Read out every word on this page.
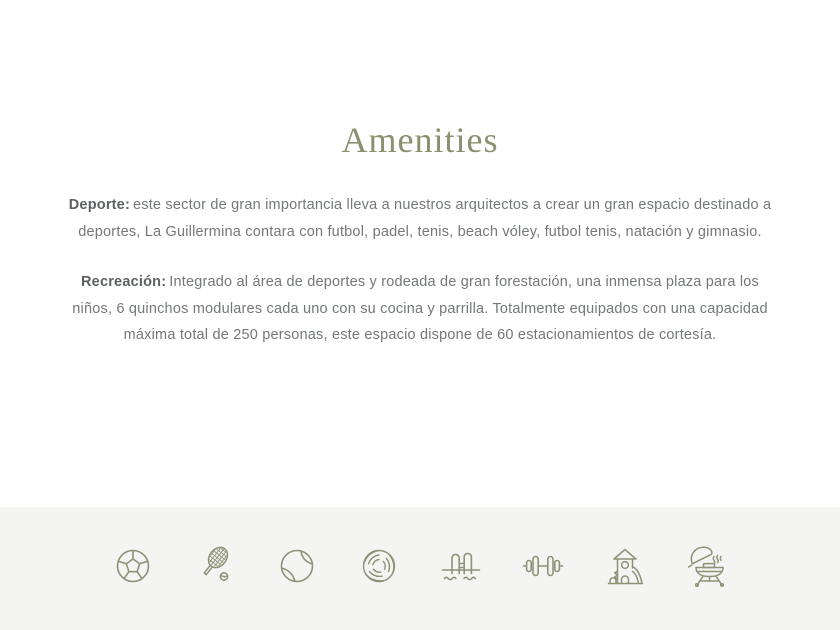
Amenities

Deporte: este sector de gran importancia lleva a nuestros arquitectos a crear un gran espacio destinado a
deportes, La Guillermina contara con futbol, padel, tenis, beach vóley, futbol tenis, natación y gimnasio.

Recreación: Integrado al área de deportes y rodeada de gran forestación, una inmensa plaza para los
niños, 6 quinchos modulares cada uno con su cocina y parrilla. Totalmente equipados con una capacidad
máxima total de 250 personas, este espacio dispone de 60 estacionamientos de cortesía.
